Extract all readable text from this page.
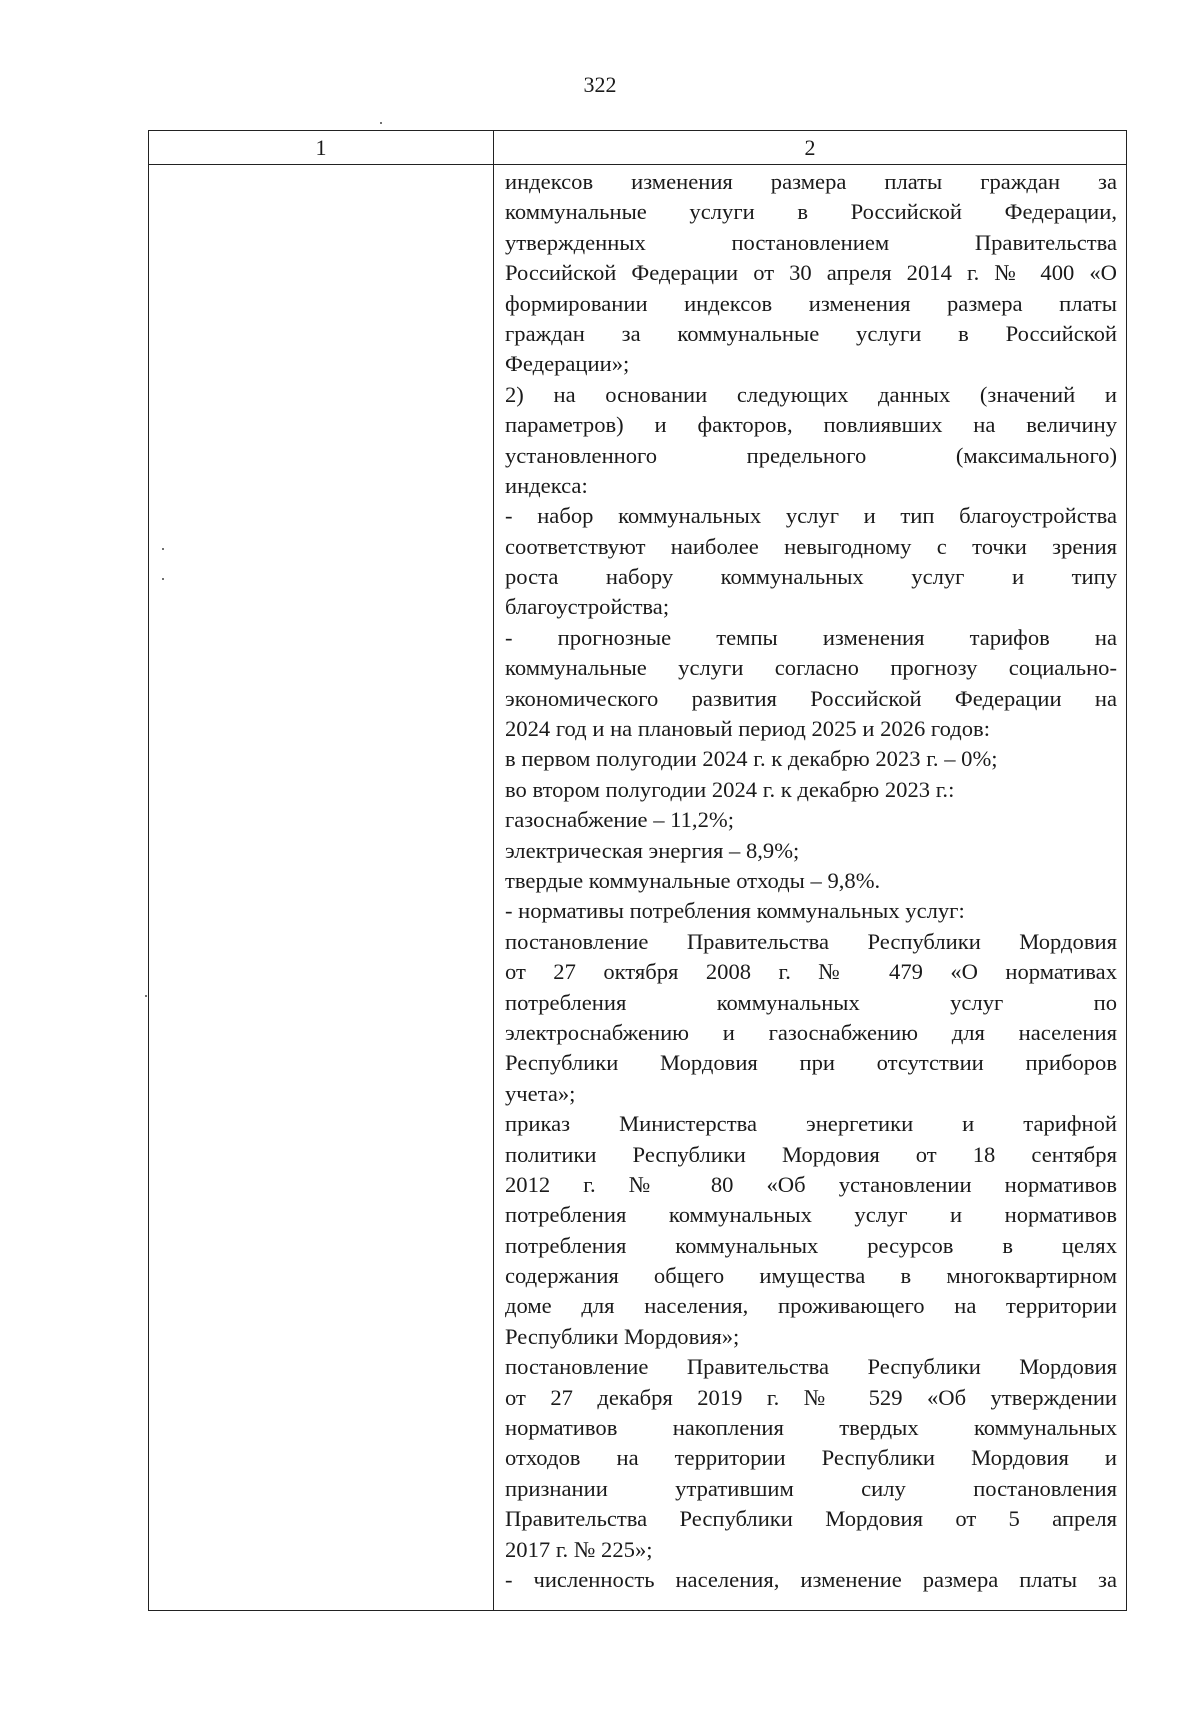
322
1	2
индексов изменения размера платы граждан за
коммунальные услуги в Российской Федерации,
утвержденных постановлением Правительства
Российской Федерации от 30 апреля 2014 г. № 400 «О
формировании индексов изменения размера платы
граждан за коммунальные услуги в Российской
Федерации»;
2) на основании следующих данных (значений и
параметров) и факторов, повлиявших на величину
установленного предельного (максимального)
индекса:
- набор коммунальных услуг и тип благоустройства
соответствуют наиболее невыгодному с точки зрения
роста набору коммунальных услуг и типу
благоустройства;
- прогнозные темпы изменения тарифов на
коммунальные услуги согласно прогнозу социально-
экономического развития Российской Федерации на
2024 год и на плановый период 2025 и 2026 годов:
в первом полугодии 2024 г. к декабрю 2023 г. – 0%;
во втором полугодии 2024 г. к декабрю 2023 г.:
газоснабжение – 11,2%;
электрическая энергия – 8,9%;
твердые коммунальные отходы – 9,8%.
- нормативы потребления коммунальных услуг:
постановление Правительства Республики Мордовия
от 27 октября 2008 г. № 479 «О нормативах
потребления коммунальных услуг по
электроснабжению и газоснабжению для населения
Республики Мордовия при отсутствии приборов
учета»;
приказ Министерства энергетики и тарифной
политики Республики Мордовия от 18 сентября
2012 г. № 80 «Об установлении нормативов
потребления коммунальных услуг и нормативов
потребления коммунальных ресурсов в целях
содержания общего имущества в многоквартирном
доме для населения, проживающего на территории
Республики Мордовия»;
постановление Правительства Республики Мордовия
от 27 декабря 2019 г. № 529 «Об утверждении
нормативов накопления твердых коммунальных
отходов на территории Республики Мордовия и
признании утратившим силу постановления
Правительства Республики Мордовия от 5 апреля
2017 г. № 225»;
- численность населения, изменение размера платы за
